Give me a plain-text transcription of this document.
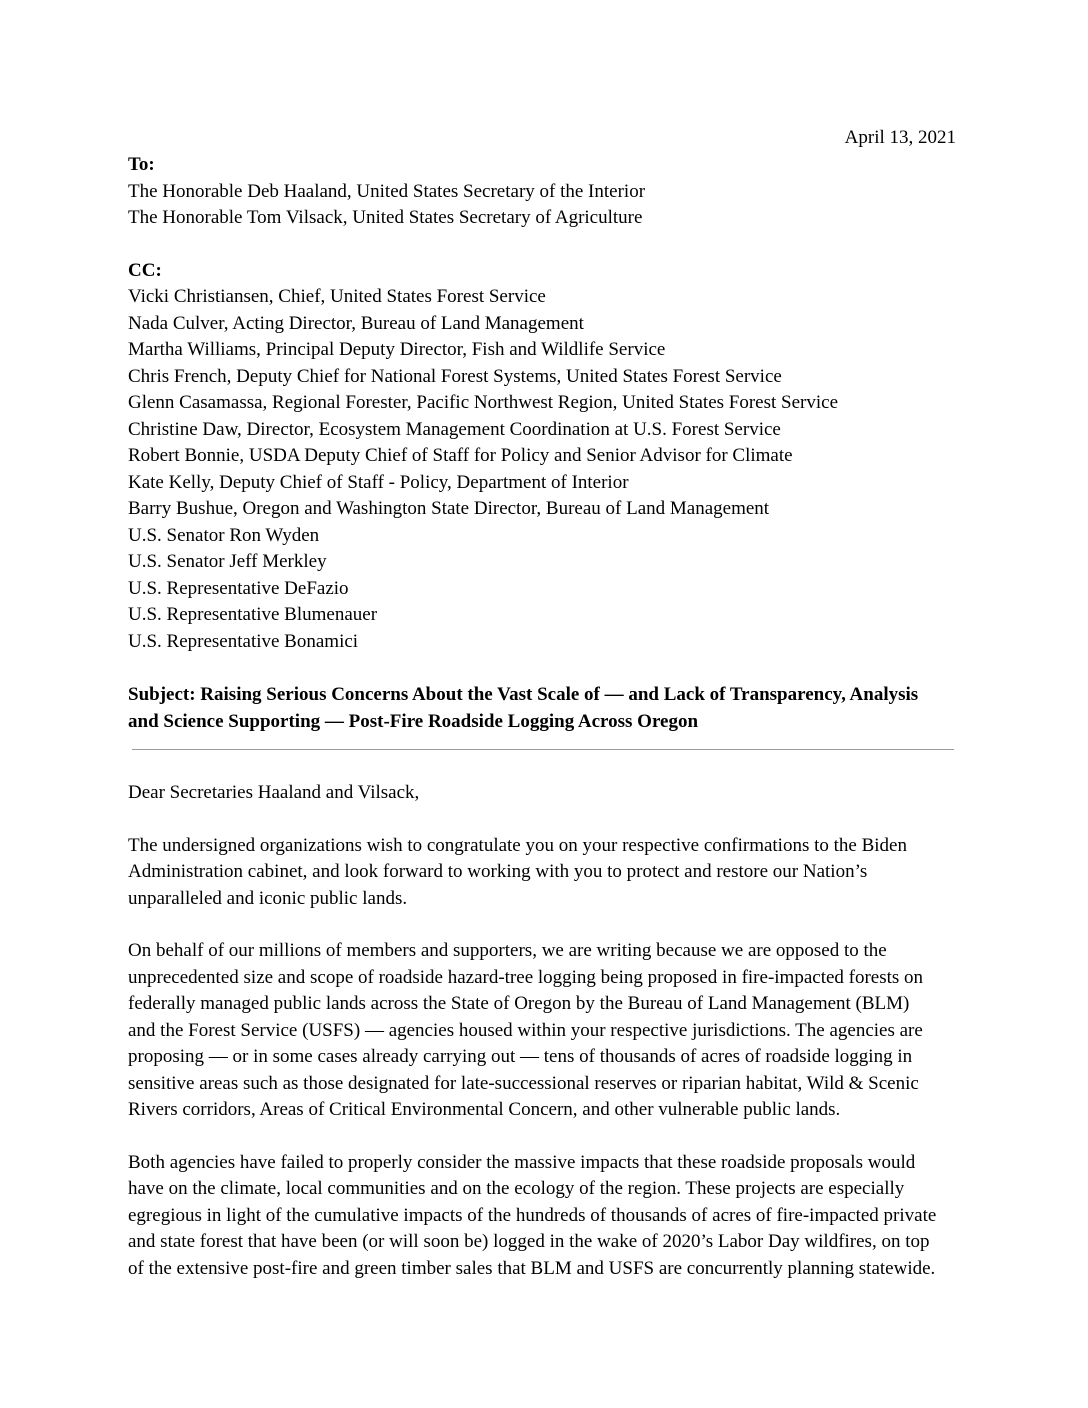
April 13, 2021

To:

The Honorable Deb Haaland, United States Secretary of the Interior

The Honorable Tom Vilsack, United States Secretary of Agriculture

CC:

Vicki Christiansen, Chief, United States Forest Service

Nada Culver, Acting Director, Bureau of Land Management

Martha Williams, Principal Deputy Director, Fish and Wildlife Service

Chris French, Deputy Chief for National Forest Systems, United States Forest Service

Glenn Casamassa, Regional Forester, Pacific Northwest Region, United States Forest Service

Christine Daw, Director, Ecosystem Management Coordination at U.S. Forest Service

Robert Bonnie, USDA Deputy Chief of Staff for Policy and Senior Advisor for Climate

Kate Kelly, Deputy Chief of Staff - Policy, Department of Interior

Barry Bushue, Oregon and Washington State Director, Bureau of Land Management

U.S. Senator Ron Wyden

U.S. Senator Jeff Merkley

U.S. Representative DeFazio

U.S. Representative Blumenauer

U.S. Representative Bonamici

Subject: Raising Serious Concerns About the Vast Scale of — and Lack of Transparency, Analysis

and Science Supporting — Post-Fire Roadside Logging Across Oregon

Dear Secretaries Haaland and Vilsack,

The undersigned organizations wish to congratulate you on your respective confirmations to the Biden
Administration cabinet, and look forward to working with you to protect and restore our Nation’s
unparalleled and iconic public lands.

On behalf of our millions of members and supporters, we are writing because we are opposed to the
unprecedented size and scope of roadside hazard-tree logging being proposed in fire-impacted forests on
federally managed public lands across the State of Oregon by the Bureau of Land Management (BLM)
and the Forest Service (USFS) — agencies housed within your respective jurisdictions. The agencies are
proposing — or in some cases already carrying out — tens of thousands of acres of roadside logging in
sensitive areas such as those designated for late-successional reserves or riparian habitat, Wild & Scenic
Rivers corridors, Areas of Critical Environmental Concern, and other vulnerable public lands.

Both agencies have failed to properly consider the massive impacts that these roadside proposals would
have on the climate, local communities and on the ecology of the region. These projects are especially
egregious in light of the cumulative impacts of the hundreds of thousands of acres of fire-impacted private
and state forest that have been (or will soon be) logged in the wake of 2020’s Labor Day wildfires, on top
of the extensive post-fire and green timber sales that BLM and USFS are concurrently planning statewide.
